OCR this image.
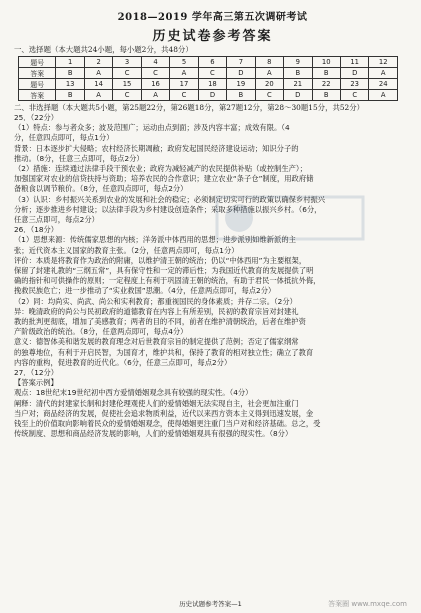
2018—2019 学年高三第五次调研考试
历史试卷参考答案
一、选择题（本大题共24小题，每小题2分，共48分）
题号	1	2	3	4	5	6	7	8	9	10	11	12
答案	B	A	C	C	A	C	D	A	B	B	D	A
题号	13	14	15	16	17	18	19	20	21	22	23	24
答案	B	A	C	A	C	D	B	C	D	B	C	A
二、非选择题（本大题共5小题，第25题22分，第26题18分，第27题12分，第28～30题15分，共52分）

25．（22分）

（1）特点：参与者众多；波及范围广；运动由点到面；涉及内容丰富；成效有限。（4

分，任意四点即可，每点1分）

背景：日本逐步扩大侵略；农村经济长期凋敝；政府发起国民经济建设运动；知识分子的

推动。（8分，任意三点即可，每点2分）

（2）措施：连续通过法律手段干预农业；政府为减轻减产的农民提供补贴（或控制生产）；

加强国家对农业的信贷扶持与资助；培养农民的合作意识；建立农业“条子仓”制度，用政府储

备粮食以调节粮价。（8分，任意四点即可，每点2分）

（3）认识：乡村振兴关系到农业的发展和社会的稳定；必须制定切实可行的政策以确保乡村振兴

分析；逐步推进乡村建设；以法律手段为乡村建设创造条件；采取多种措施以振兴乡村。（6分，

任意三点即可，每点2分）

26．（18分）

（1）思想来源：传统儒家思想的内核；洋务派中体西用的思想；进步派别如维新派的主

张；近代资本主义国家的教育主张。（2分，任意两点即可，每点1分）

评价：本质是将教育作为政治的附庸，以维护清王朝的统治；仍以“中体西用”为主要框架，

保留了封建礼教的“三纲五常”，具有保守性和一定的滞后性；为我国近代教育的发展提供了明

确的指针和可供操作的原则；一定程度上有利于巩固清王朝的统治，有助于君民一体抵抗外侮，

挽救民族危亡；进一步推动了“实业救国”思潮。（4分，任意两点即可，每点2分）

（2）同：均尚实、尚武、尚公和实利教育；都重视国民的身体素质；并存二宗。（2分）

异：晚清政府的尚公与民初政府的道德教育在内容上有所差别，民初的教育宗旨对封建礼

教的批判更彻底，增加了美感教育；两者的目的不同，前者在维护清朝统治，后者在维护资

产阶级政治的统治。（8分，任意两点即可，每点4分）

意义：德智体美和谐发展的教育理念对后世教育宗旨的制定提供了范例；否定了儒家纲常

的独尊地位，有利于开启民智，为国育才，维护共和，保持了教育的相对独立性；确立了教育

内容的重构，促进教育的近代化。（6分，任意三点即可，每点2分）

27．（12分）

【答案示例】

观点：18世纪末19世纪初中西方爱情婚姻观念具有较强的现实性。（4分）

阐释：清代的封建家长制和封建伦理观使人们的爱情婚姻无法实现自主，社会更加注重门

当户对；商品经济的发展，促使社会追求物质利益，近代以来西方资本主义得到迅速发展，金

钱至上的价值取向影响着民众的爱情婚姻观念，使得婚姻更注重门当户对和经济基础。总之，受

传统制度、思想和商品经济发展的影响，人们的爱情婚姻观具有很强的现实性。（8分）

历史试题参考答案—1	答案圈 www.mxqe.com
